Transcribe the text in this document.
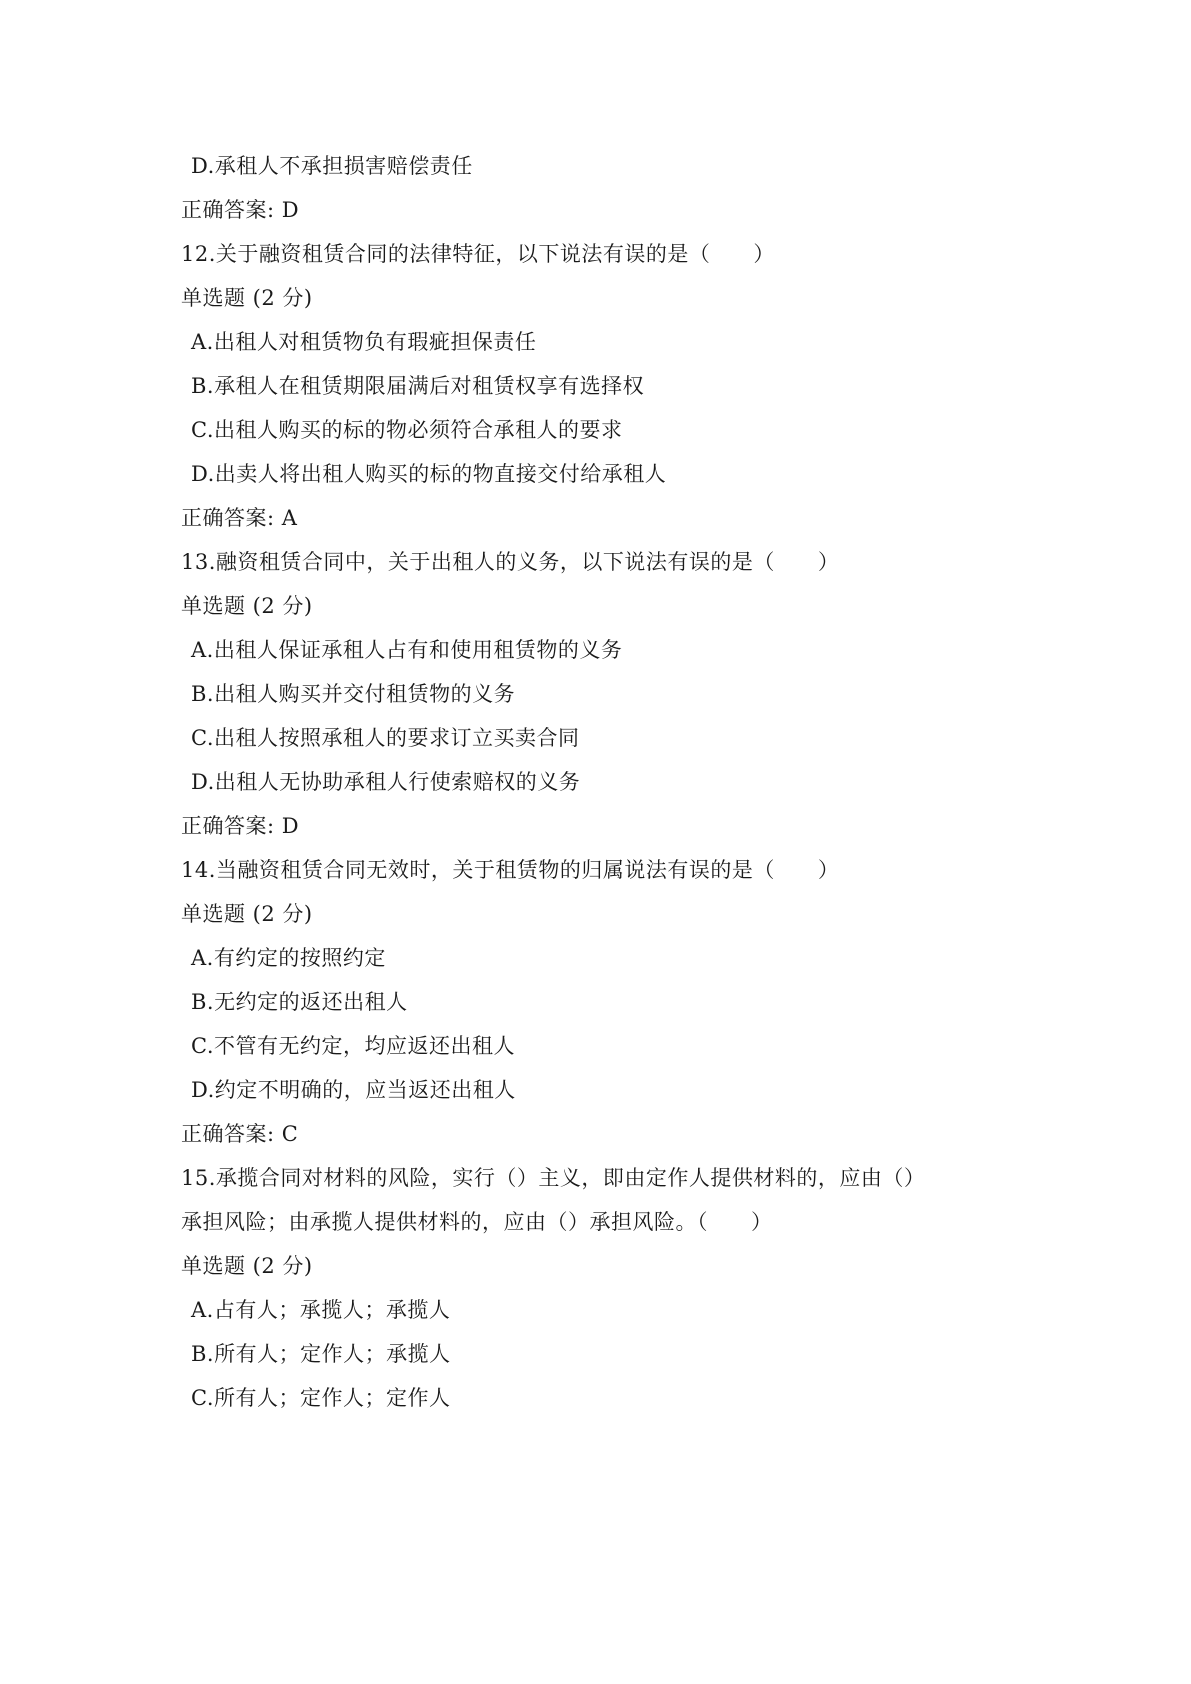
D.承租人不承担损害赔偿责任
正确答案: D
12.关于融资租赁合同的法律特征，以下说法有误的是（　　）
单选题 (2 分)
A.出租人对租赁物负有瑕疵担保责任
B.承租人在租赁期限届满后对租赁权享有选择权
C.出租人购买的标的物必须符合承租人的要求
D.出卖人将出租人购买的标的物直接交付给承租人
正确答案: A
13.融资租赁合同中，关于出租人的义务，以下说法有误的是（　　）
单选题 (2 分)
A.出租人保证承租人占有和使用租赁物的义务
B.出租人购买并交付租赁物的义务
C.出租人按照承租人的要求订立买卖合同
D.出租人无协助承租人行使索赔权的义务
正确答案: D
14.当融资租赁合同无效时，关于租赁物的归属说法有误的是（　　）
单选题 (2 分)
A.有约定的按照约定
B.无约定的返还出租人
C.不管有无约定，均应返还出租人
D.约定不明确的，应当返还出租人
正确答案: C
15.承揽合同对材料的风险，实行（）主义，即由定作人提供材料的，应由（）
承担风险；由承揽人提供材料的，应由（）承担风险。（　　）
单选题 (2 分)
A.占有人；承揽人；承揽人
B.所有人；定作人；承揽人
C.所有人；定作人；定作人
